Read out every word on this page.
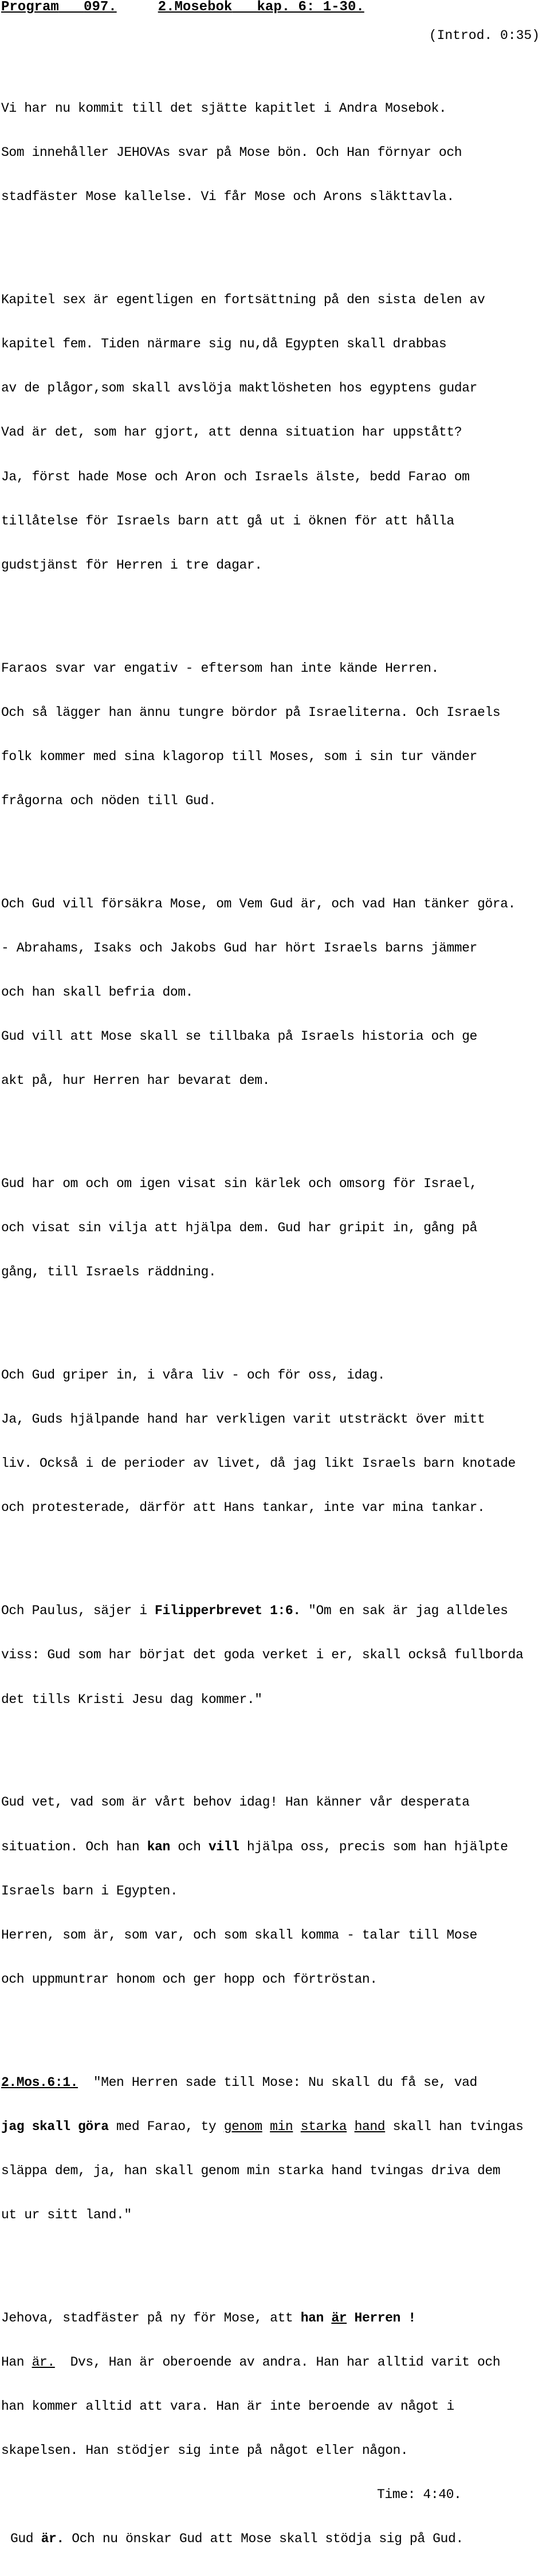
Program 097.	2.Mosebok kap. 6: 1-30.
(Introd. 0:35)

Vi har nu kommit till det sjätte kapitlet i Andra Mosebok.

Som innehåller JEHOVAs svar på Mose bön. Och Han förnyar och

stadfäster Mose kallelse. Vi får Mose och Arons släkttavla.

Kapitel sex är egentligen en fortsättning på den sista delen av

kapitel fem. Tiden närmare sig nu,då Egypten skall drabbas

av de plågor,som skall avslöja maktlösheten hos egyptens gudar

Vad är det, som har gjort, att denna situation har uppstått?

Ja, först hade Mose och Aron och Israels älste, bedd Farao om

tillåtelse för Israels barn att gå ut i öknen för att hålla

gudstjänst för Herren i tre dagar.

Faraos svar var engativ - eftersom han inte kände Herren.

Och så lägger han ännu tungre bördor på Israeliterna. Och Israels

folk kommer med sina klagorop till Moses, som i sin tur vänder

frågorna och nöden till Gud.

Och Gud vill försäkra Mose, om Vem Gud är, och vad Han tänker göra.

- Abrahams, Isaks och Jakobs Gud har hört Israels barns jämmer

och han skall befria dom.

Gud vill att Mose skall se tillbaka på Israels historia och ge

akt på, hur Herren har bevarat dem.

Gud har om och om igen visat sin kärlek och omsorg för Israel,

och visat sin vilja att hjälpa dem. Gud har gripit in, gång på

gång, till Israels räddning.

Och Gud griper in, i våra liv - och för oss, idag.

Ja, Guds hjälpande hand har verkligen varit utsträckt över mitt

liv. Också i de perioder av livet, då jag likt Israels barn knotade

och protesterade, därför att Hans tankar, inte var mina tankar.

Och Paulus, säjer i Filipperbrevet 1:6. "Om en sak är jag alldeles

viss: Gud som har börjat det goda verket i er, skall också fullborda

det tills Kristi Jesu dag kommer."

Gud vet, vad som är vårt behov idag! Han känner vår desperata

situation. Och han kan och vill hjälpa oss, precis som han hjälpte

Israels barn i Egypten.

Herren, som är, som var, och som skall komma - talar till Mose

och uppmuntrar honom och ger hopp och förtröstan.

2.Mos.6:1.  "Men Herren sade till Mose: Nu skall du få se, vad

jag skall göra med Farao, ty genom min starka hand skall han tvingas

släppa dem, ja, han skall genom min starka hand tvingas driva dem

ut ur sitt land."

Jehova, stadfäster på ny för Mose, att han är Herren !

Han är.  Dvs, Han är oberoende av andra. Han har alltid varit och

han kommer alltid att vara. Han är inte beroende av något i

skapelsen. Han stödjer sig inte på något eller någon.

Time: 4:40.

Gud är. Och nu önskar Gud att Mose skall stödja sig på Gud.
